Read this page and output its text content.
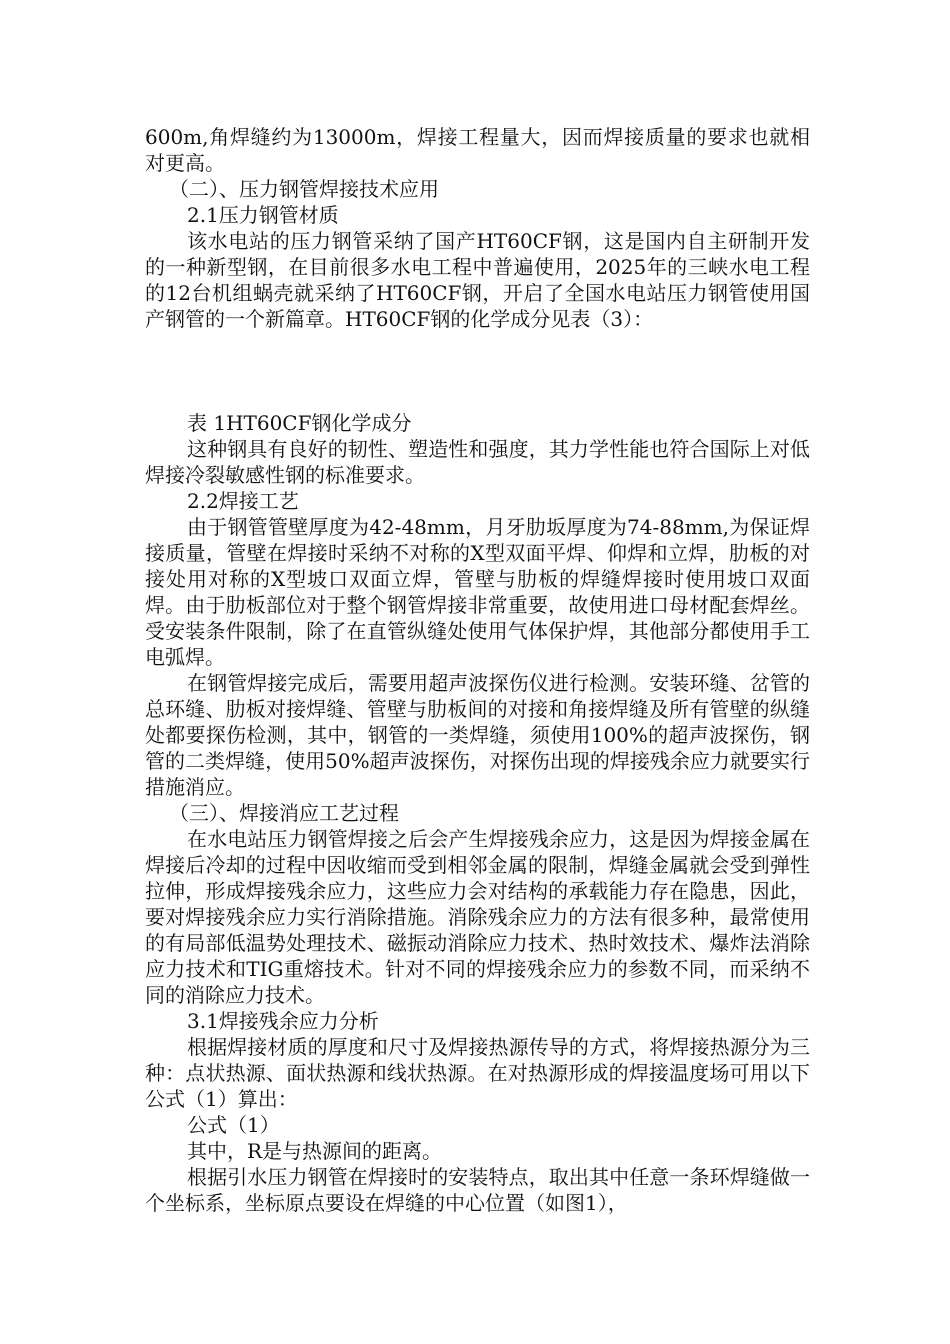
600m,角焊缝约为13000m，焊接工程量大，因而焊接质量的要求也就相对更高。

（二）、压力钢管焊接技术应用

2.1压力钢管材质

该水电站的压力钢管采纳了国产HT60CF钢，这是国内自主研制开发的一种新型钢，在目前很多水电工程中普遍使用，2025年的三峡水电工程的12台机组蜗壳就采纳了HT60CF钢，开启了全国水电站压力钢管使用国产钢管的一个新篇章。HT60CF钢的化学成分见表（3）：

表 1HT60CF钢化学成分

这种钢具有良好的韧性、塑造性和强度，其力学性能也符合国际上对低焊接冷裂敏感性钢的标准要求。

2.2焊接工艺

由于钢管管壁厚度为42-48mm，月牙肋坂厚度为74-88mm,为保证焊接质量，管壁在焊接时采纳不对称的X型双面平焊、仰焊和立焊，肋板的对接处用对称的X型坡口双面立焊，管壁与肋板的焊缝焊接时使用坡口双面焊。由于肋板部位对于整个钢管焊接非常重要，故使用进口母材配套焊丝。受安装条件限制，除了在直管纵缝处使用气体保护焊，其他部分都使用手工电弧焊。

在钢管焊接完成后，需要用超声波探伤仪进行检测。安装环缝、岔管的总环缝、肋板对接焊缝、管壁与肋板间的对接和角接焊缝及所有管壁的纵缝处都要探伤检测，其中，钢管的一类焊缝，须使用100%的超声波探伤，钢管的二类焊缝，使用50%超声波探伤，对探伤出现的焊接残余应力就要实行措施消应。

（三）、焊接消应工艺过程

在水电站压力钢管焊接之后会产生焊接残余应力，这是因为焊接金属在焊接后冷却的过程中因收缩而受到相邻金属的限制，焊缝金属就会受到弹性拉伸，形成焊接残余应力，这些应力会对结构的承载能力存在隐患，因此，要对焊接残余应力实行消除措施。消除残余应力的方法有很多种，最常使用的有局部低温势处理技术、磁振动消除应力技术、热时效技术、爆炸法消除应力技术和TIG重熔技术。针对不同的焊接残余应力的参数不同，而采纳不同的消除应力技术。

3.1焊接残余应力分析

根据焊接材质的厚度和尺寸及焊接热源传导的方式，将焊接热源分为三种：点状热源、面状热源和线状热源。在对热源形成的焊接温度场可用以下公式（1）算出：

公式（1）

其中，R是与热源间的距离。

根据引水压力钢管在焊接时的安装特点，取出其中任意一条环焊缝做一个坐标系，坐标原点要设在焊缝的中心位置（如图1），
